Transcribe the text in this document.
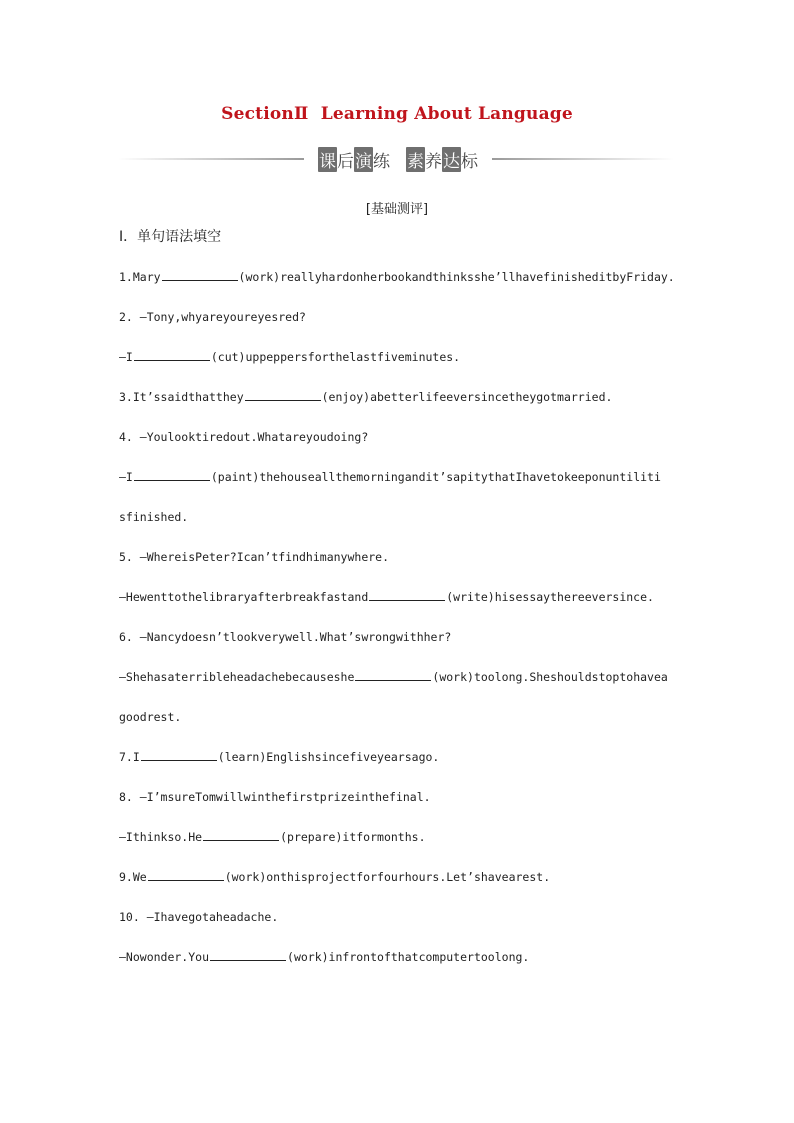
SectionⅡ  Learning About Language
课 后 演 练 素 养 达 标
[基础测评]
Ⅰ．单句语法填空
1.Mary	(work)reallyhardonherbookandthinksshe’llhavefinisheditbyFriday.
2. —Tony,whyareyoureyesred?
—I	(cut)uppeppersforthelastfiveminutes.
3.It’ssaidthatthey	(enjoy)abetterlifeeversincetheygotmarried.
4. —Youlooktiredout.Whatareyoudoing?
—I	(paint)thehouseallthemorningandit’sapitythatIhavetokeeponuntiliti
sfinished.
5. —WhereisPeter?Ican’tfindhimanywhere.
—Hewenttothelibraryafterbreakfastand	(write)hisessaythereeversince.
6. —Nancydoesn’tlookverywell.What’swrongwithher?
—Shehasaterribleheadachebecauseshe	(work)toolong.Sheshouldstoptohavea
goodrest.
7.I	(learn)Englishsincefiveyearsago.
8. —I’msureTomwillwinthefirstprizeinthefinal.
—Ithinkso.He	(prepare)itformonths.
9.We	(work)onthisprojectforfourhours.Let’shavearest.
10. —Ihavegotaheadache.
—Nowonder.You	(work)infrontofthatcomputertoolong.
